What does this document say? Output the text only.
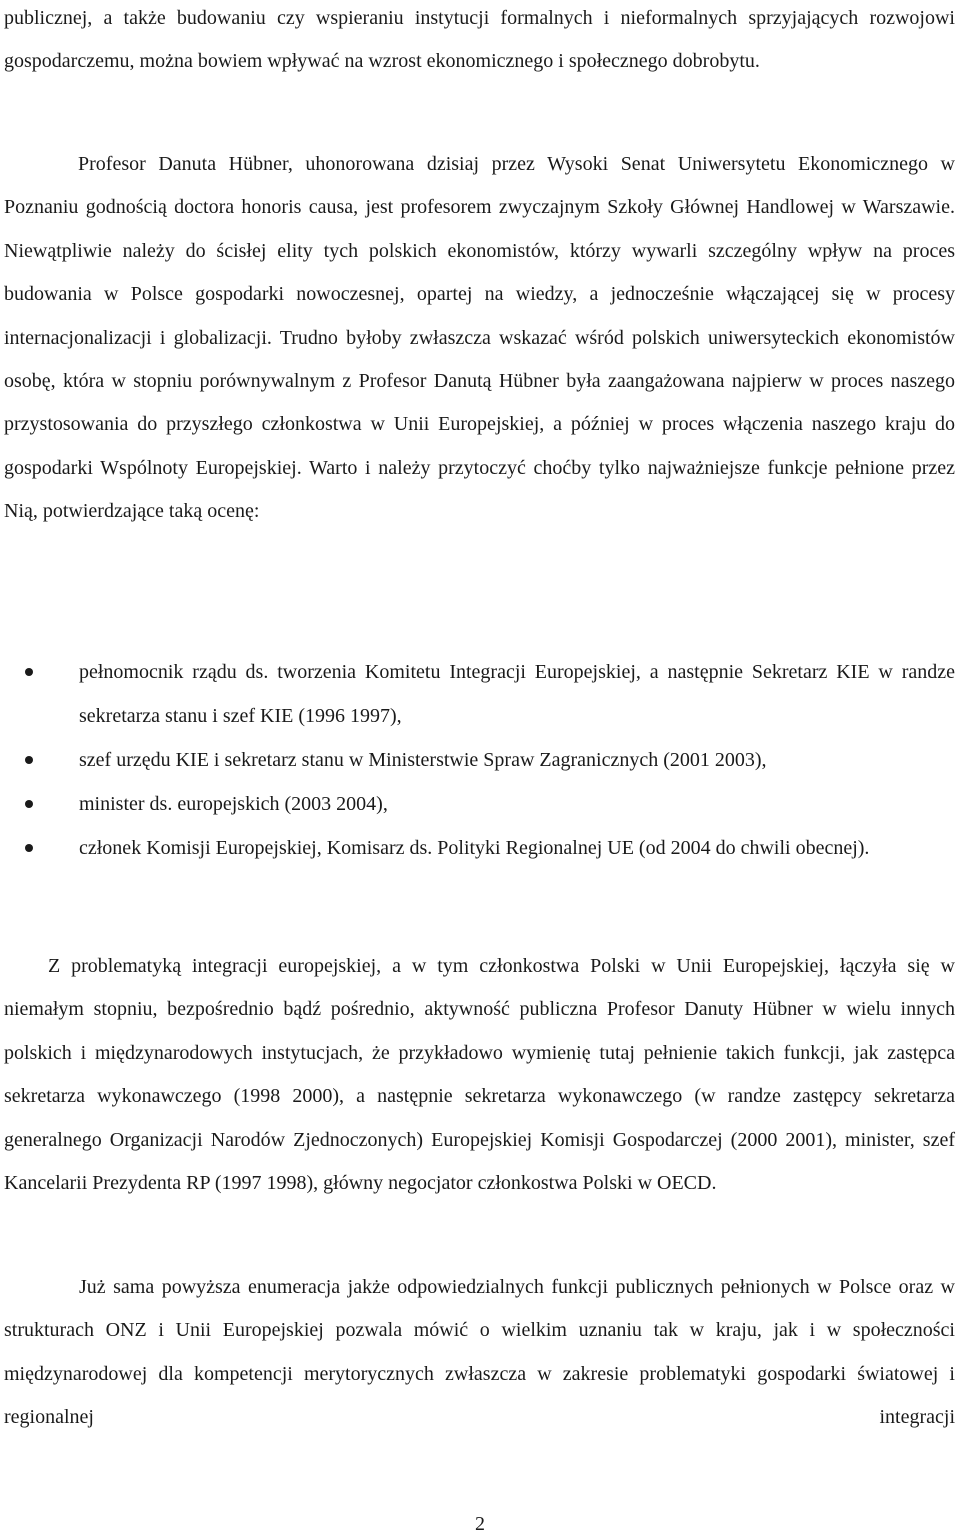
publicznej, a także budowaniu czy wspieraniu instytucji formalnych i nieformalnych sprzyjających rozwojowi gospodarczemu, można bowiem wpływać na wzrost ekonomicznego i społecznego dobrobytu.

Profesor Danuta Hübner, uhonorowana dzisiaj przez Wysoki Senat Uniwersytetu Ekonomicznego w Poznaniu godnością doctora honoris causa, jest profesorem zwyczajnym Szkoły Głównej Handlowej w Warszawie. Niewątpliwie należy do ścisłej elity tych polskich ekonomistów, którzy wywarli szczególny wpływ na proces budowania w Polsce gospodarki nowoczesnej, opartej na wiedzy, a jednocześnie włączającej się w procesy internacjonalizacji i globalizacji. Trudno byłoby zwłaszcza wskazać wśród polskich uniwersyteckich ekonomistów osobę, która w stopniu porównywalnym z Profesor Danutą Hübner była zaangażowana najpierw w proces naszego przystosowania do przyszłego członkostwa w Unii Europejskiej, a później w proces włączenia naszego kraju do gospodarki Wspólnoty Europejskiej. Warto i należy przytoczyć choćby tylko najważniejsze funkcje pełnione przez Nią, potwierdzające taką ocenę:

pełnomocnik rządu ds. tworzenia Komitetu Integracji Europejskiej, a następnie Sekretarz KIE w randze sekretarza stanu i szef KIE (1996 1997),
szef urzędu KIE i sekretarz stanu w Ministerstwie Spraw Zagranicznych (2001 2003),
minister ds. europejskich (2003 2004),
członek Komisji Europejskiej, Komisarz ds. Polityki Regionalnej UE (od 2004 do chwili obecnej).

Z problematyką integracji europejskiej, a w tym członkostwa Polski w Unii Europejskiej, łączyła się w niemałym stopniu, bezpośrednio bądź pośrednio, aktywność publiczna Profesor Danuty Hübner w wielu innych polskich i międzynarodowych instytucjach, że przykładowo wymienię tutaj pełnienie takich funkcji, jak zastępca sekretarza wykonawczego (1998 2000), a następnie sekretarza wykonawczego (w randze zastępcy sekretarza generalnego Organizacji Narodów Zjednoczonych) Europejskiej Komisji Gospodarczej (2000 2001), minister, szef Kancelarii Prezydenta RP (1997 1998), główny negocjator członkostwa Polski w OECD.

Już sama powyższa enumeracja jakże odpowiedzialnych funkcji publicznych pełnionych w Polsce oraz w strukturach ONZ i Unii Europejskiej pozwala mówić o wielkim uznaniu tak w kraju, jak i w społeczności międzynarodowej dla kompetencji merytorycznych zwłaszcza w zakresie problematyki gospodarki światowej i regionalnej integracji

2
